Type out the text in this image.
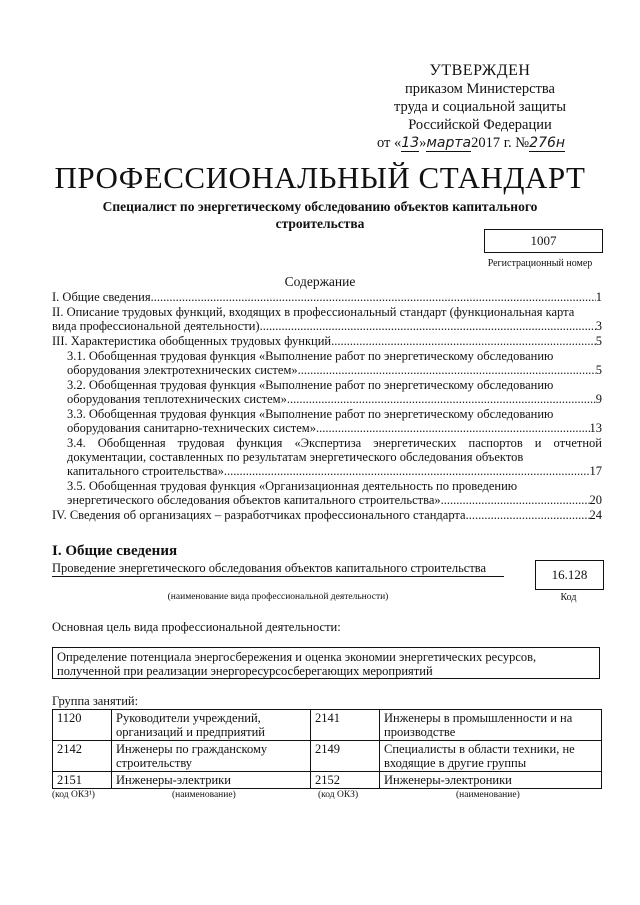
УТВЕРЖДЕН
приказом Министерства
труда и социальной защиты
Российской Федерации
от «13»марта2017 г. №276н
ПРОФЕССИОНАЛЬНЫЙ СТАНДАРТ
Специалист по энергетическому обследованию объектов капитального строительства
1007
Регистрационный номер
Содержание
I. Общие сведения .....	1
II. Описание трудовых функций, входящих в профессиональный стандарт (функциональная карта
вида профессиональной деятельности) .....	3
III. Характеристика обобщенных трудовых функций .....	5
3.1. Обобщенная трудовая функция «Выполнение работ по энергетическому обследованию
оборудования электротехнических систем» .....	5
3.2. Обобщенная трудовая функция «Выполнение работ по энергетическому обследованию
оборудования теплотехнических систем» .....	9
3.3. Обобщенная трудовая функция «Выполнение работ по энергетическому обследованию
оборудования санитарно-технических систем» .....	13
3.4. Обобщенная трудовая функция «Экспертиза энергетических паспортов и отчетной документации, составленных по результатам энергетического обследования объектов
капитального строительства» .....	17
3.5. Обобщенная трудовая функция «Организационная деятельность по проведению
энергетического обследования объектов капитального строительства» .....	20
IV. Сведения об организациях – разработчиках профессионального стандарта .....	24
I. Общие сведения
Проведение энергетического обследования объектов капитального строительства	16.128
(наименование вида профессиональной деятельности)	Код
Основная цель вида профессиональной деятельности:
Определение потенциала энергосбережения и оценка экономии энергетических ресурсов, полученной при реализации энергоресурсосберегающих мероприятий
Группа занятий:
1120	Руководители учреждений, организаций и предприятий	2141	Инженеры в промышленности и на производстве
2142	Инженеры по гражданскому строительству	2149	Специалисты в области техники, не входящие в другие группы
2151	Инженеры-электрики	2152	Инженеры-электроники
(код ОКЗ¹)	(наименование)	(код ОКЗ)	(наименование)
